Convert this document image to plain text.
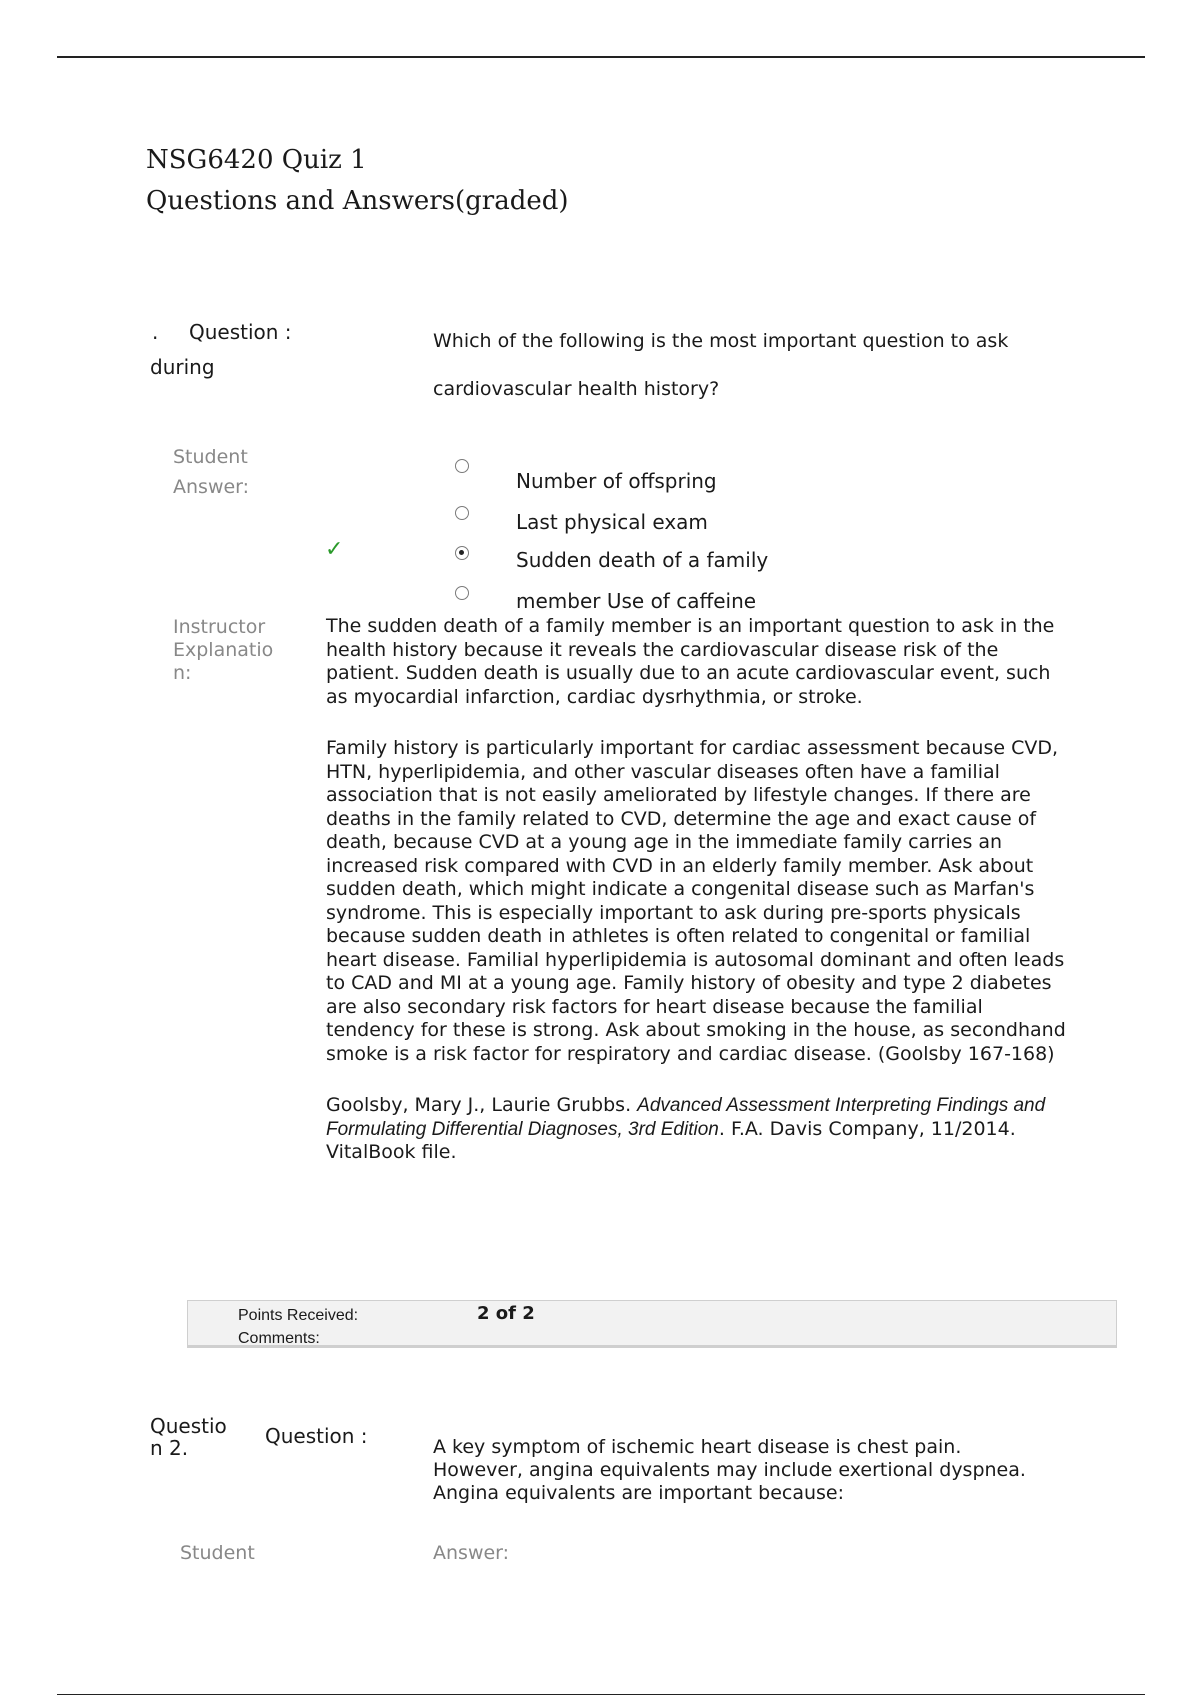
NSG6420 Quiz 1
Questions and Answers(graded)
. Question :
during
Which of the following is the most important question to ask
cardiovascular health history?
Student
Answer:	Number of offspring
Last physical exam
✓	Sudden death of a family
member Use of caffeine
Instructor
Explanatio
n:

The sudden death of a family member is an important question to ask in the health history because it reveals the cardiovascular disease risk of the patient. Sudden death is usually due to an acute cardiovascular event, such as myocardial infarction, cardiac dysrhythmia, or stroke.

Family history is particularly important for cardiac assessment because CVD, HTN, hyperlipidemia, and other vascular diseases often have a familial association that is not easily ameliorated by lifestyle changes. If there are deaths in the family related to CVD, determine the age and exact cause of death, because CVD at a young age in the immediate family carries an increased risk compared with CVD in an elderly family member. Ask about sudden death, which might indicate a congenital disease such as Marfan's syndrome. This is especially important to ask during pre-sports physicals because sudden death in athletes is often related to congenital or familial heart disease. Familial hyperlipidemia is autosomal dominant and often leads to CAD and MI at a young age. Family history of obesity and type 2 diabetes are also secondary risk factors for heart disease because the familial tendency for these is strong. Ask about smoking in the house, as secondhand smoke is a risk factor for respiratory and cardiac disease. (Goolsby 167-168)

Goolsby, Mary J., Laurie Grubbs. Advanced Assessment Interpreting Findings and Formulating Differential Diagnoses, 3rd Edition. F.A. Davis Company, 11/2014.
VitalBook file.

Points Received:	2 of 2
Comments:
Questio
n 2.	Question :	A key symptom of ischemic heart disease is chest pain.
However, angina equivalents may include exertional dyspnea.
Angina equivalents are important because:
Student	Answer:
